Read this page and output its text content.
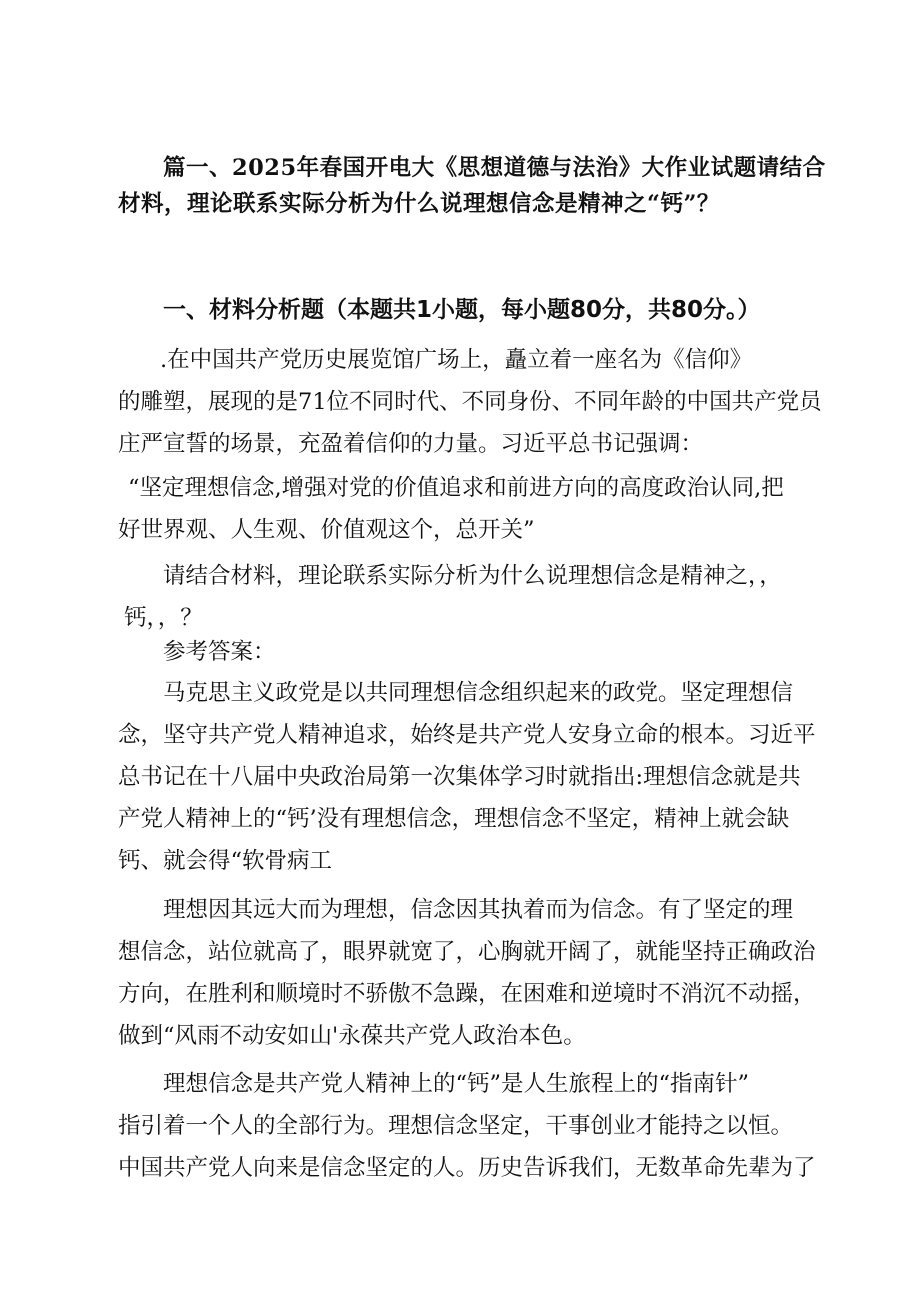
篇一、2025年春国开电大《思想道德与法治》大作业试题请结合
材料，理论联系实际分析为什么说理想信念是精神之“钙”？
一、材料分析题（本题共1小题，每小题80分，共80分。）
.在中国共产党历史展览馆广场上，矗立着一座名为《信仰》
的雕塑，展现的是71位不同时代、不同身份、不同年龄的中国共产党员
庄严宣誓的场景，充盈着信仰的力量。习近平总书记强调：
“坚定理想信念,增强对党的价值追求和前进方向的高度政治认同,把
好世界观、人生观、价值观这个，总开关”
请结合材料，理论联系实际分析为什么说理想信念是精神之，，
钙，，？
参考答案：
马克思主义政党是以共同理想信念组织起来的政党。坚定理想信
念，坚守共产党人精神追求，始终是共产党人安身立命的根本。习近平
总书记在十八届中央政治局第一次集体学习时就指出:理想信念就是共
产党人精神上的“钙’没有理想信念，理想信念不坚定，精神上就会缺
钙、就会得“软骨病工
理想因其远大而为理想，信念因其执着而为信念。有了坚定的理
想信念，站位就高了，眼界就宽了，心胸就开阔了，就能坚持正确政治
方向，在胜利和顺境时不骄傲不急躁，在困难和逆境时不消沉不动摇，
做到“风雨不动安如山'永葆共产党人政治本色。
理想信念是共产党人精神上的“钙”是人生旅程上的“指南针”
指引着一个人的全部行为。理想信念坚定，干事创业才能持之以恒。
中国共产党人向来是信念坚定的人。历史告诉我们，无数革命先辈为了
